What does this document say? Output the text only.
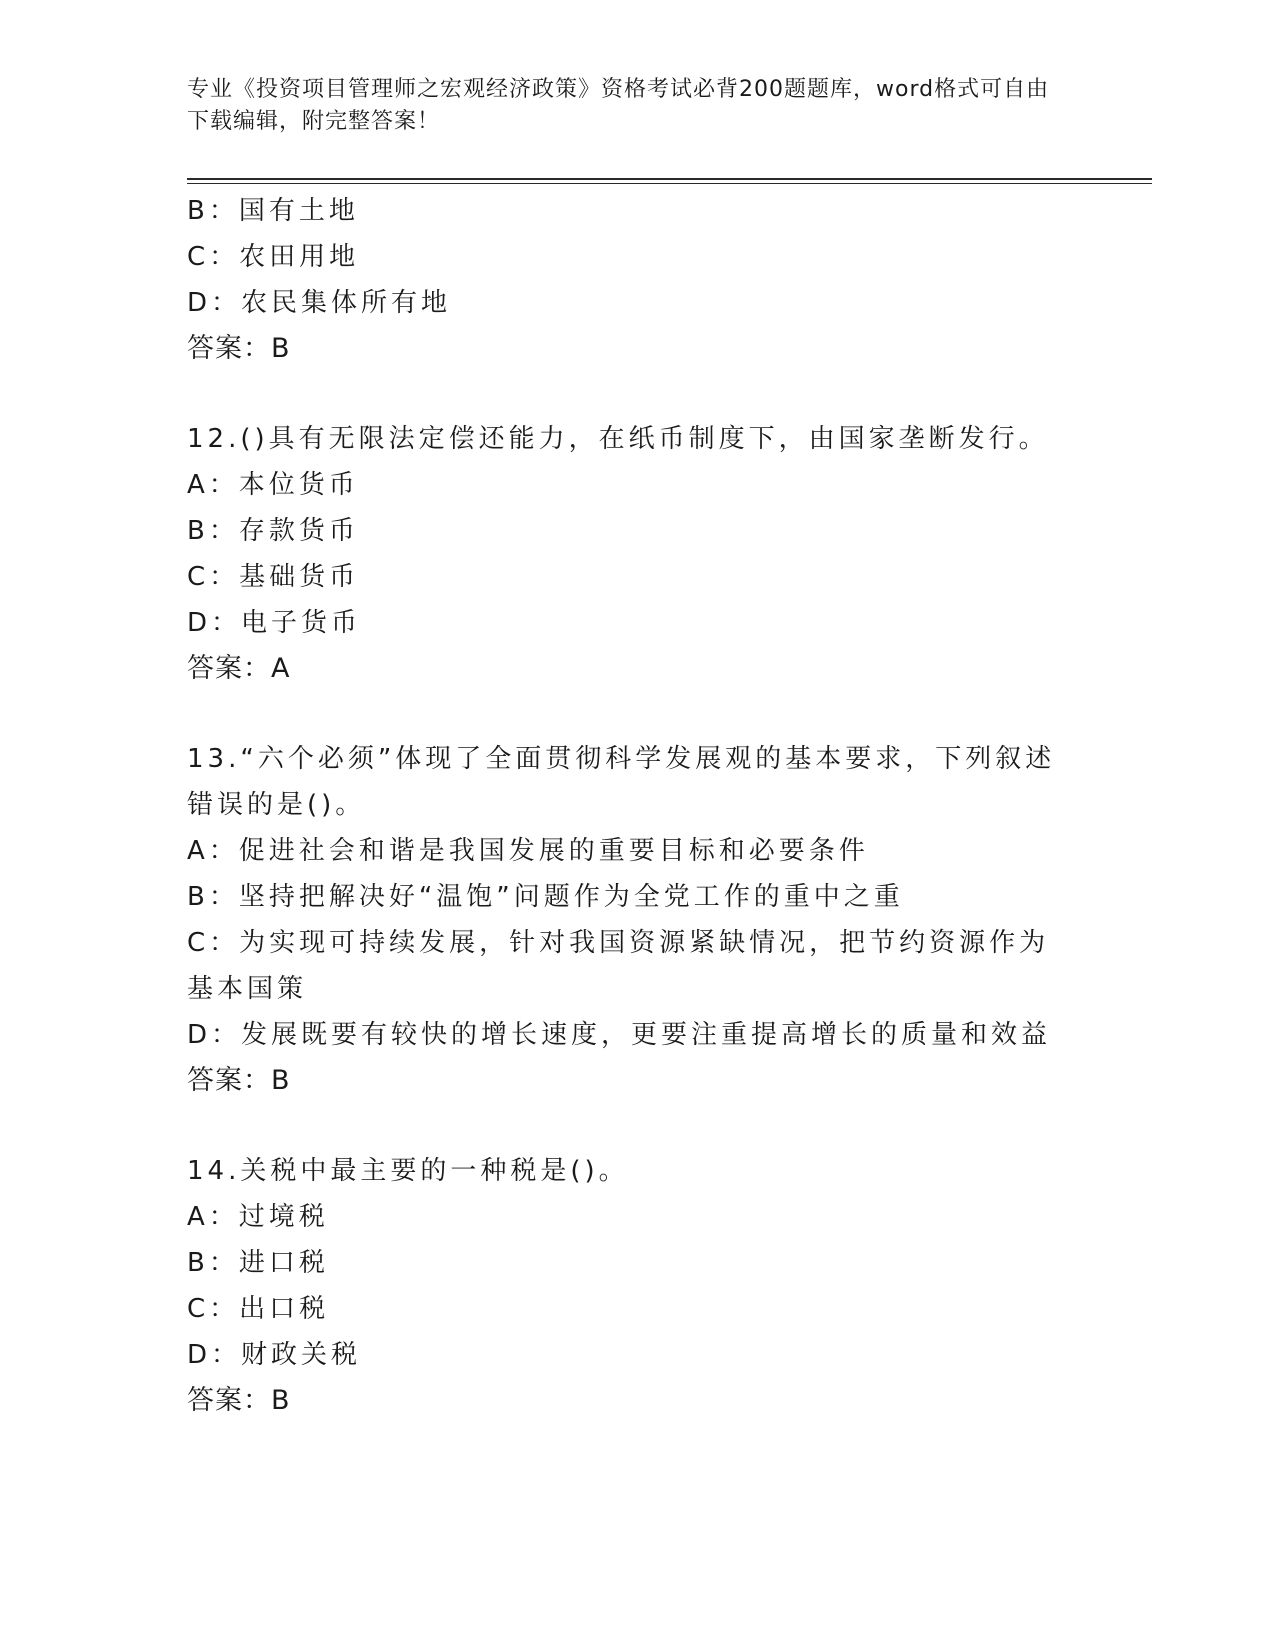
专业《投资项目管理师之宏观经济政策》资格考试必背200题题库，word格式可自由下载编辑，附完整答案！
B：国有土地
C：农田用地
D：农民集体所有地
答案：B
12.()具有无限法定偿还能力，在纸币制度下，由国家垄断发行。
A：本位货币
B：存款货币
C：基础货币
D：电子货币
答案：A
13.“六个必须”体现了全面贯彻科学发展观的基本要求，下列叙述错误的是()。
A：促进社会和谐是我国发展的重要目标和必要条件
B：坚持把解决好“温饱”问题作为全党工作的重中之重
C：为实现可持续发展，针对我国资源紧缺情况，把节约资源作为基本国策
D：发展既要有较快的增长速度，更要注重提高增长的质量和效益
答案：B
14.关税中最主要的一种税是()。
A：过境税
B：进口税
C：出口税
D：财政关税
答案：B
